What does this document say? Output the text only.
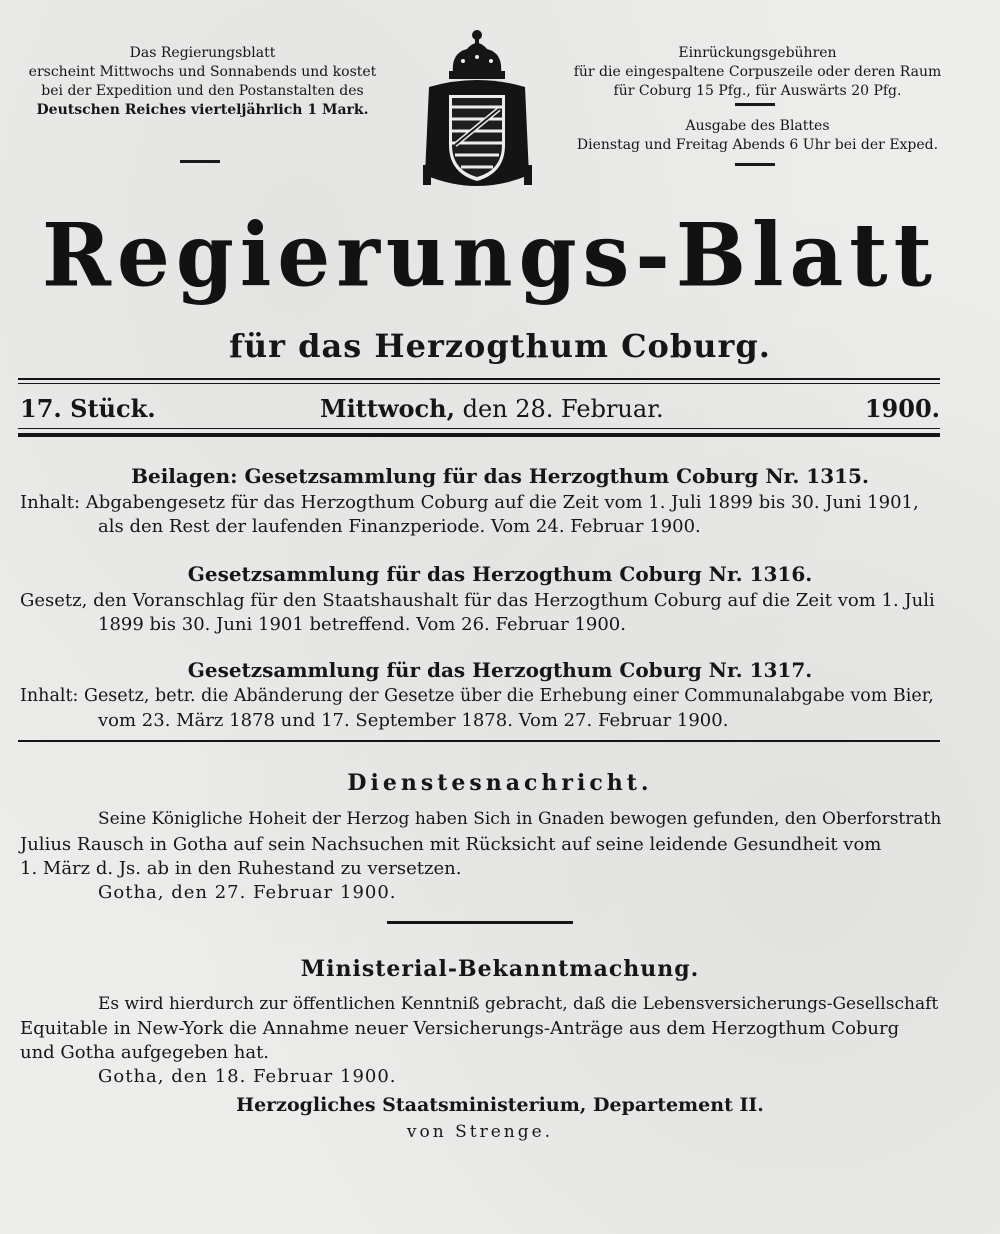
Das Regierungsblatt
erscheint Mittwochs und Sonnabends und kostet
bei der Expedition und den Postanstalten des
Deutschen Reiches vierteljährlich 1 Mark.
Einrückungsgebühren
für die eingespaltene Corpuszeile oder deren Raum
für Coburg 15 Pfg., für Auswärts 20 Pfg.
Ausgabe des Blattes
Dienstag und Freitag Abends 6 Uhr bei der Exped.
Regierungs-Blatt
für das Herzogthum Coburg.
17. Stück.	Mittwoch, den 28. Februar.	1900.
Beilagen: Gesetzsammlung für das Herzogthum Coburg Nr. 1315.
Inhalt: Abgabengesetz für das Herzogthum Coburg auf die Zeit vom 1. Juli 1899 bis 30. Juni 1901,
als den Rest der laufenden Finanzperiode. Vom 24. Februar 1900.
Gesetzsammlung für das Herzogthum Coburg Nr. 1316.
Gesetz, den Voranschlag für den Staatshaushalt für das Herzogthum Coburg auf die Zeit vom 1. Juli
1899 bis 30. Juni 1901 betreffend. Vom 26. Februar 1900.
Gesetzsammlung für das Herzogthum Coburg Nr. 1317.
Inhalt: Gesetz, betr. die Abänderung der Gesetze über die Erhebung einer Communalabgabe vom Bier,
vom 23. März 1878 und 17. September 1878. Vom 27. Februar 1900.
Dienstesnachricht.
Seine Königliche Hoheit der Herzog haben Sich in Gnaden bewogen gefunden, den Oberforstrath
Julius Rausch in Gotha auf sein Nachsuchen mit Rücksicht auf seine leidende Gesundheit vom
1. März d. Js. ab in den Ruhestand zu versetzen.
Gotha, den 27. Februar 1900.
Ministerial-Bekanntmachung.
Es wird hierdurch zur öffentlichen Kenntniß gebracht, daß die Lebensversicherungs-Gesellschaft
Equitable in New-York die Annahme neuer Versicherungs-Anträge aus dem Herzogthum Coburg
und Gotha aufgegeben hat.
Gotha, den 18. Februar 1900.
Herzogliches Staatsministerium, Departement II.
von Strenge.
